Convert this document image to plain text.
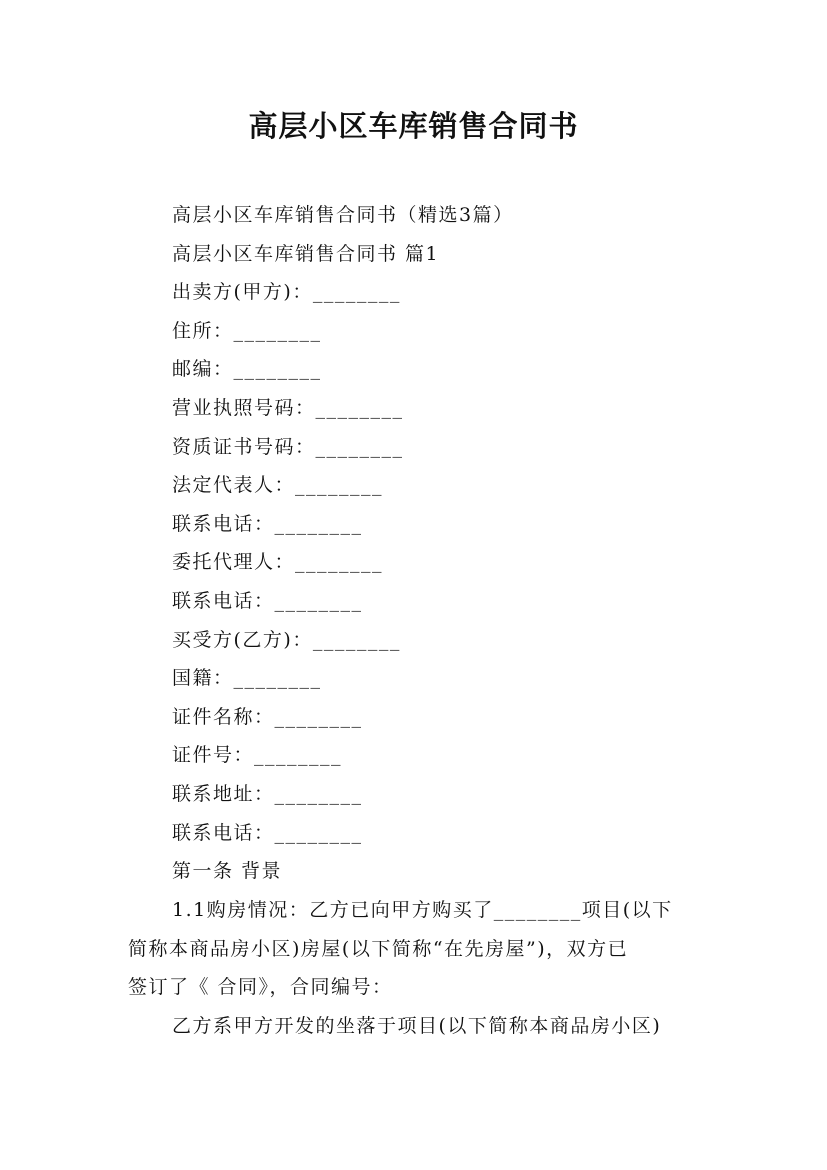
高层小区车库销售合同书
高层小区车库销售合同书（精选3篇）
高层小区车库销售合同书 篇1
出卖方(甲方)：________
住所：________
邮编：________
营业执照号码：________
资质证书号码：________
法定代表人：________
联系电话：________
委托代理人：________
联系电话：________
买受方(乙方)：________
国籍：________
证件名称：________
证件号：________
联系地址：________
联系电话：________
第一条 背景
1.1购房情况：乙方已向甲方购买了________项目(以下
简称本商品房小区)房屋(以下简称“在先房屋”)，双方已
签订了《 合同》，合同编号：
乙方系甲方开发的坐落于项目(以下简称本商品房小区)
